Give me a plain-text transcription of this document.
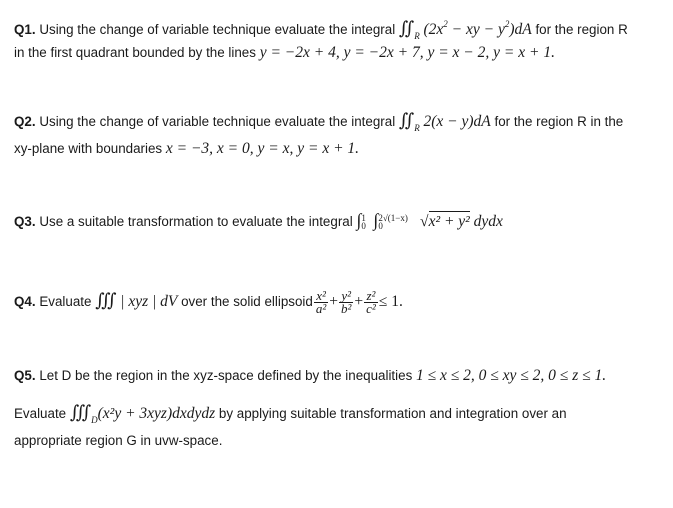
Q1. Using the change of variable technique evaluate the integral $∬_R$ ($2x^2$ − xy − $y^2)dA$ for the region R
in the first quadrant bounded by the lines y = −2x + 4, y = −2x + 7, y = x − 2, y = x + 1.
Q2. Using the change of variable technique evaluate the integral $∬_R$ 2(x − y)dA for the region R in the
xy-plane with boundaries x = −3, x = 0, y = x, y = x + 1.
Q3. Use a suitable transformation to evaluate the integral ∫ 1
0 ∫ 2√(1−x)
0 √x² + y² dydx
Q4. Evaluate ∭ | xyz | dV over the solid ellipsoid $\frac{\text{x²}}{\text{a²}} + \frac{\text{y²}}{\text{b²}} + \frac{\text{z²}}{\text{c²}} \le 1$.
Q5. Let D be the region in the xyz-space defined by the inequalities 1 ≤ x ≤ 2, 0 ≤ xy ≤ 2, 0 ≤ z ≤ 1.
Evaluate $∭_D(x^2y$ + 3xyz)dxdydz by applying suitable transformation and integration over an
appropriate region G in uvw-space.
